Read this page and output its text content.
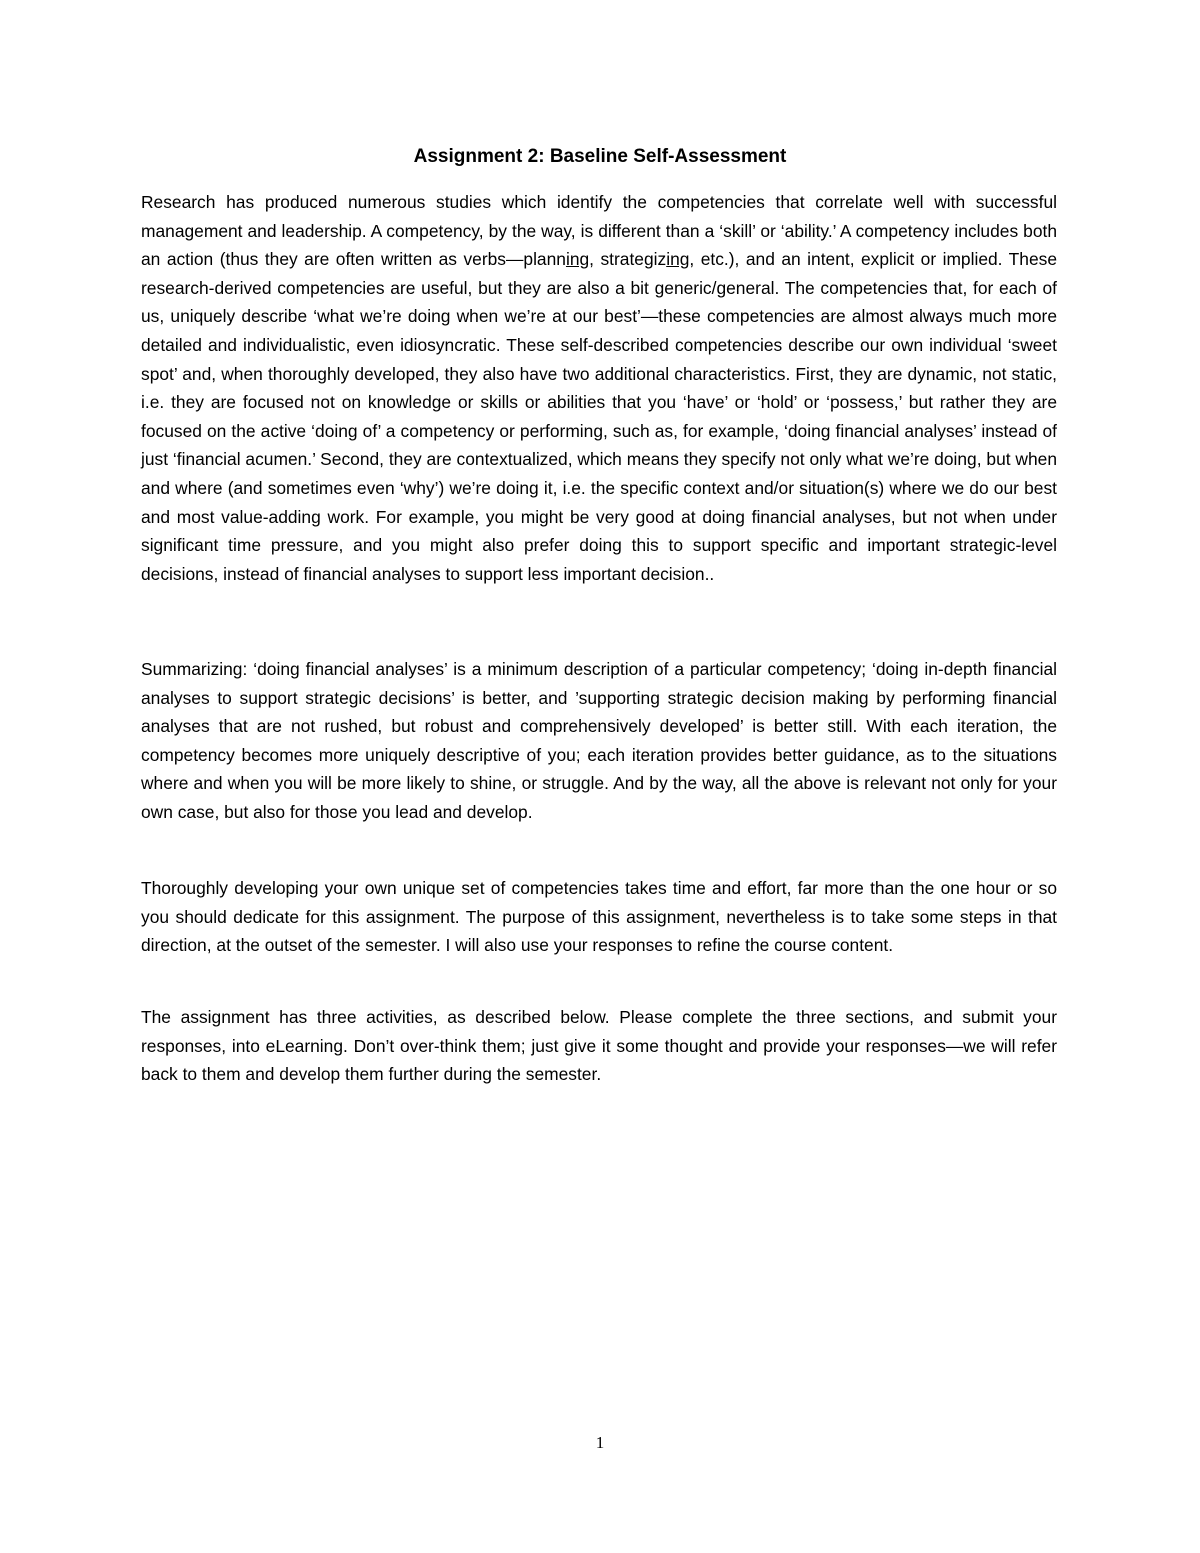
Assignment 2: Baseline Self-Assessment

Research has produced numerous studies which identify the competencies that correlate well with successful management and leadership. A competency, by the way, is different than a ‘skill’ or ‘ability.’ A competency includes both an action (thus they are often written as verbs—planning, strategizing, etc.), and an intent, explicit or implied. These research-derived competencies are useful, but they are also a bit generic/general. The competencies that, for each of us, uniquely describe ‘what we’re doing when we’re at our best’—these competencies are almost always much more detailed and individualistic, even idiosyncratic. These self-described competencies describe our own individual ‘sweet spot’ and, when thoroughly developed, they also have two additional characteristics. First, they are dynamic, not static, i.e. they are focused not on knowledge or skills or abilities that you ‘have’ or ‘hold’ or ‘possess,’ but rather they are focused on the active ‘doing of’ a competency or performing, such as, for example, ‘doing financial analyses’ instead of just ‘financial acumen.’ Second, they are contextualized, which means they specify not only what we’re doing, but when and where (and sometimes even ‘why’) we’re doing it, i.e. the specific context and/or situation(s) where we do our best and most value-adding work. For example, you might be very good at doing financial analyses, but not when under significant time pressure, and you might also prefer doing this to support specific and important strategic-level decisions, instead of financial analyses to support less important decision..

Summarizing: ‘doing financial analyses’ is a minimum description of a particular competency; ‘doing in-depth financial analyses to support strategic decisions’ is better, and ’supporting strategic decision making by performing financial analyses that are not rushed, but robust and comprehensively developed’ is better still. With each iteration, the competency becomes more uniquely descriptive of you; each iteration provides better guidance, as to the situations where and when you will be more likely to shine, or struggle. And by the way, all the above is relevant not only for your own case, but also for those you lead and develop.

Thoroughly developing your own unique set of competencies takes time and effort, far more than the one hour or so you should dedicate for this assignment. The purpose of this assignment, nevertheless is to take some steps in that direction, at the outset of the semester. I will also use your responses to refine the course content.

The assignment has three activities, as described below. Please complete the three sections, and submit your responses, into eLearning. Don’t over-think them; just give it some thought and provide your responses—we will refer back to them and develop them further during the semester.

1
